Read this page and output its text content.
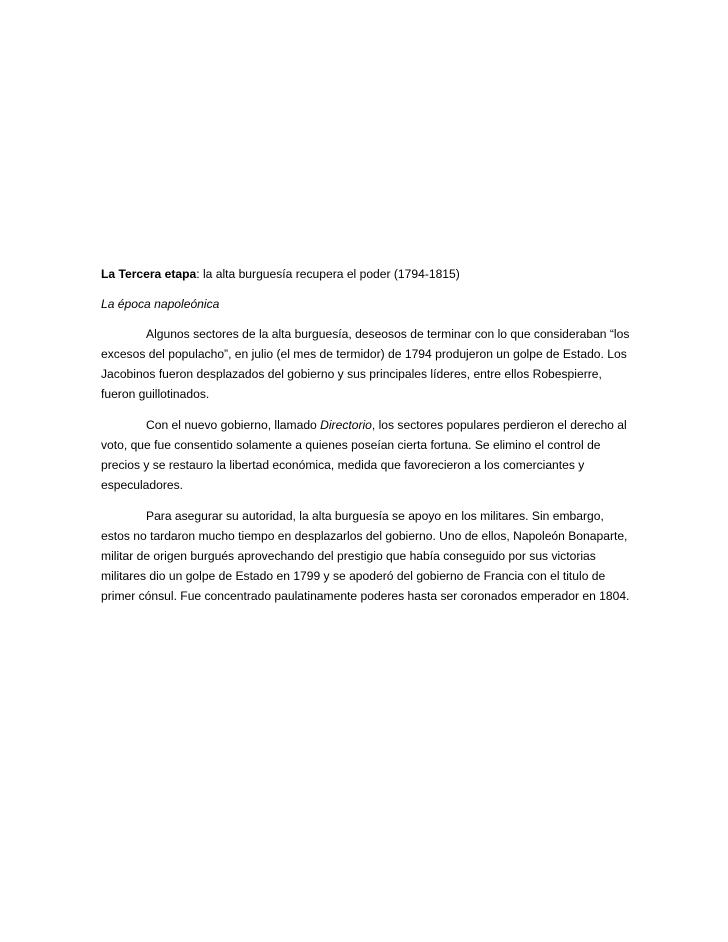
La Tercera etapa: la alta burguesía recupera el poder (1794-1815)

La época napoleónica

Algunos sectores de la alta burguesía, deseosos de terminar con lo que consideraban “los excesos del populacho”, en julio (el mes de termidor) de 1794 produjeron un golpe de Estado. Los Jacobinos fueron desplazados del gobierno y sus principales líderes, entre ellos Robespierre, fueron guillotinados.

Con el nuevo gobierno, llamado Directorio, los sectores populares perdieron el derecho al voto, que fue consentido solamente a quienes poseían cierta fortuna. Se elimino el control de precios y se restauro la libertad económica, medida que favorecieron a los comerciantes y especuladores.

Para asegurar su autoridad, la alta burguesía se apoyo en los militares. Sin embargo, estos no tardaron mucho tiempo en desplazarlos del gobierno. Uno de ellos, Napoleón Bonaparte, militar de origen burgués aprovechando del prestigio que había conseguido por sus victorias militares dio un golpe de Estado en 1799 y se apoderó del gobierno de Francia con el titulo de primer cónsul. Fue concentrado paulatinamente poderes hasta ser coronados emperador en 1804.
